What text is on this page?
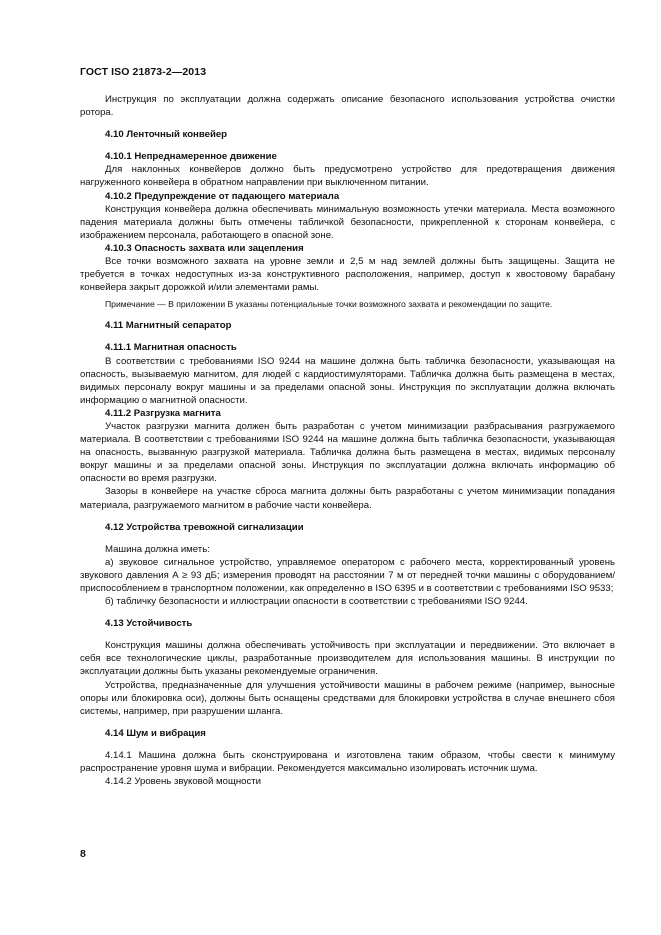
ГОСТ ISO 21873-2—2013
Инструкция по эксплуатации должна содержать описание безопасного использования устройства очистки ротора.
4.10 Ленточный конвейер
4.10.1 Непреднамеренное движение
Для наклонных конвейеров должно быть предусмотрено устройство для предотвращения движения нагруженного конвейера в обратном направлении при выключенном питании.
4.10.2 Предупреждение от падающего материала
Конструкция конвейера должна обеспечивать минимальную возможность утечки материала. Места возможного падения материала должны быть отмечены табличкой безопасности, прикрепленной к сторонам конвейера, с изображением персонала, работающего в опасной зоне.
4.10.3 Опасность захвата или зацепления
Все точки возможного захвата на уровне земли и 2,5 м над землей должны быть защищены. Защита не требуется в точках недоступных из-за конструктивного расположения, например, доступ к хвостовому барабану конвейера закрыт дорожкой и/или элементами рамы.
Примечание — В приложении В указаны потенциальные точки возможного захвата и рекомендации по защите.
4.11 Магнитный сепаратор
4.11.1 Магнитная опасность
В соответствии с требованиями ISO 9244 на машине должна быть табличка безопасности, указывающая на опасность, вызываемую магнитом, для людей с кардиостимуляторами. Табличка должна быть размещена в местах, видимых персоналу вокруг машины и за пределами опасной зоны. Инструкция по эксплуатации должна включать информацию о магнитной опасности.
4.11.2 Разгрузка магнита
Участок разгрузки магнита должен быть разработан с учетом минимизации разбрасывания разгружаемого материала. В соответствии с требованиями ISO 9244 на машине должна быть табличка безопасности, указывающая на опасность, вызванную разгрузкой материала. Табличка должна быть размещена в местах, видимых персоналу вокруг машины и за пределами опасной зоны. Инструкция по эксплуатации должна включать информацию об опасности во время разгрузки.
Зазоры в конвейере на участке сброса магнита должны быть разработаны с учетом минимизации попадания материала, разгружаемого магнитом в рабочие части конвейера.
4.12 Устройства тревожной сигнализации
Машина должна иметь:
а) звуковое сигнальное устройство, управляемое оператором с рабочего места, корректированный уровень звукового давления А ≥ 93 дБ; измерения проводят на расстоянии 7 м от передней точки машины с оборудованием/приспособлением в транспортном положении, как определенно в ISO 6395 и в соответствии с требованиями ISO 9533;
б) табличку безопасности и иллюстрации опасности в соответствии с требованиями ISO 9244.
4.13 Устойчивость
Конструкция машины должна обеспечивать устойчивость при эксплуатации и передвижении. Это включает в себя все технологические циклы, разработанные производителем для использования машины. В инструкции по эксплуатации должны быть указаны рекомендуемые ограничения.
Устройства, предназначенные для улучшения устойчивости машины в рабочем режиме (например, выносные опоры или блокировка оси), должны быть оснащены средствами для блокировки устройства в случае внешнего сбоя системы, например, при разрушении шланга.
4.14 Шум и вибрация
4.14.1 Машина должна быть сконструирована и изготовлена таким образом, чтобы свести к минимуму распространение уровня шума и вибрации. Рекомендуется максимально изолировать источник шума.
4.14.2 Уровень звуковой мощности
8
